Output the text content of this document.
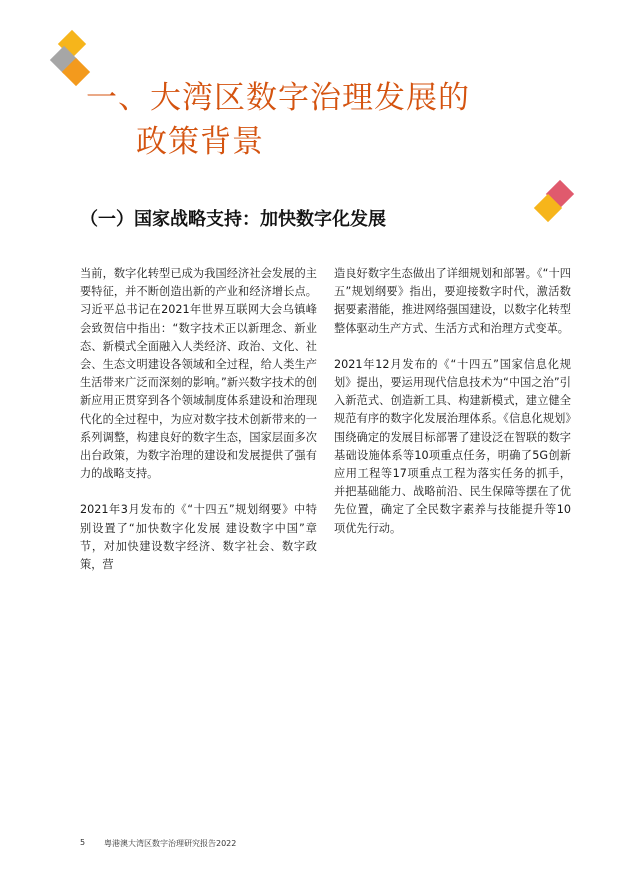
一、大湾区数字治理发展的
政策背景
（一）国家战略支持：加快数字化发展

当前，数字化转型已成为我国经济社会发展的主要特征，并不断创造出新的产业和经济增长点。习近平总书记在2021年世界互联网大会乌镇峰会致贺信中指出：“数字技术正以新理念、新业态、新模式全面融入人类经济、政治、文化、社会、生态文明建设各领域和全过程，给人类生产生活带来广泛而深刻的影响。”新兴数字技术的创新应用正贯穿到各个领域制度体系建设和治理现代化的全过程中，为应对数字技术创新带来的一系列调整，构建良好的数字生态，国家层面多次出台政策，为数字治理的建设和发展提供了强有力的战略支持。

2021年3月发布的《“十四五”规划纲要》中特别设置了“加快数字化发展 建设数字中国”章节，对加快建设数字经济、数字社会、数字政策，营

造良好数字生态做出了详细规划和部署。《“十四五”规划纲要》指出，要迎接数字时代，激活数据要素潜能，推进网络强国建设，以数字化转型整体驱动生产方式、生活方式和治理方式变革。

2021年12月发布的《“十四五”国家信息化规划》提出，要运用现代信息技术为“中国之治”引入新范式、创造新工具、构建新模式，建立健全规范有序的数字化发展治理体系。《信息化规划》围绕确定的发展目标部署了建设泛在智联的数字基础设施体系等10项重点任务，明确了5G创新应用工程等17项重点工程为落实任务的抓手，并把基础能力、战略前沿、民生保障等摆在了优先位置，确定了全民数字素养与技能提升等10项优先行动。

5 粤港澳大湾区数字治理研究报告2022
